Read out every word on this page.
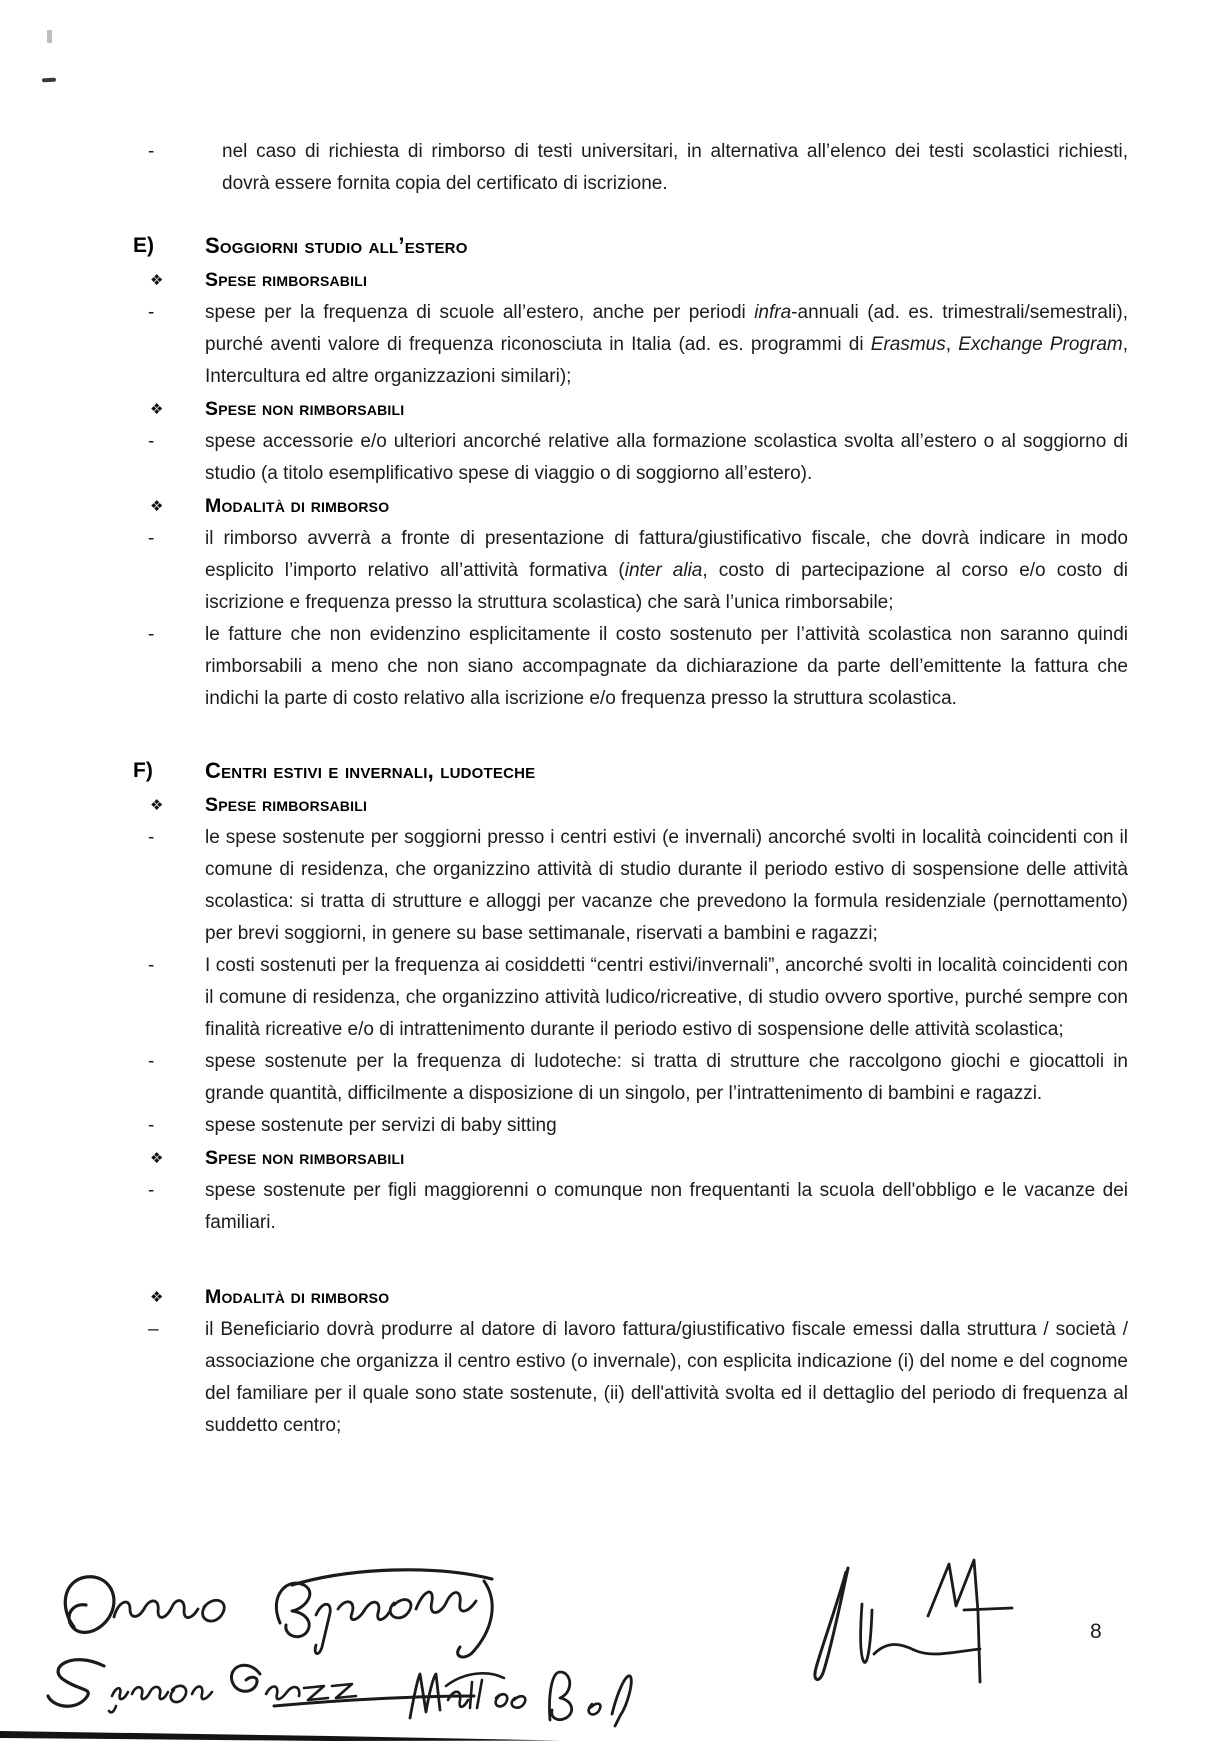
-	nel caso di richiesta di rimborso di testi universitari, in alternativa all’elenco dei testi scolastici richiesti, dovrà essere fornita copia del certificato di iscrizione.
E)	Soggiorni studio all’estero
❖	Spese rimborsabili
-	spese per la frequenza di scuole all’estero, anche per periodi infra-annuali (ad. es. trimestrali/semestrali), purché aventi valore di frequenza riconosciuta in Italia (ad. es. programmi di Erasmus, Exchange Program, Intercultura ed altre organizzazioni similari);
❖	Spese non rimborsabili
-	spese accessorie e/o ulteriori ancorché relative alla formazione scolastica svolta all’estero o al soggiorno di studio (a titolo esemplificativo spese di viaggio o di soggiorno all’estero).
❖	Modalità di rimborso
-	il rimborso avverrà a fronte di presentazione di fattura/giustificativo fiscale, che dovrà indicare in modo esplicito l’importo relativo all’attività formativa (inter alia, costo di partecipazione al corso e/o costo di iscrizione e frequenza presso la struttura scolastica) che sarà l’unica rimborsabile;
-	le fatture che non evidenzino esplicitamente il costo sostenuto per l’attività scolastica non saranno quindi rimborsabili a meno che non siano accompagnate da dichiarazione da parte dell’emittente la fattura che indichi la parte di costo relativo alla iscrizione e/o frequenza presso la struttura scolastica.
F)	Centri estivi e invernali, ludoteche
❖	Spese rimborsabili
-	le spese sostenute per soggiorni presso i centri estivi (e invernali) ancorché svolti in località coincidenti con il comune di residenza, che organizzino attività di studio durante il periodo estivo di sospensione delle attività scolastica: si tratta di strutture e alloggi per vacanze che prevedono la formula residenziale (pernottamento) per brevi soggiorni, in genere su base settimanale, riservati a bambini e ragazzi;
-	I costi sostenuti per la frequenza ai cosiddetti “centri estivi/invernali”, ancorché svolti in località coincidenti con il comune di residenza, che organizzino attività ludico/ricreative, di studio ovvero sportive, purché sempre con finalità ricreative e/o di intrattenimento durante il periodo estivo di sospensione delle attività scolastica;
-	spese sostenute per la frequenza di ludoteche: si tratta di strutture che raccolgono giochi e giocattoli in grande quantità, difficilmente a disposizione di un singolo, per l’intrattenimento di bambini e ragazzi.
-	spese sostenute per servizi di baby sitting
❖	Spese non rimborsabili
-	spese sostenute per figli maggiorenni o comunque non frequentanti la scuola dell'obbligo e le vacanze dei familiari.
❖	Modalità di rimborso
–	il Beneficiario dovrà produrre al datore di lavoro fattura/giustificativo fiscale emessi dalla struttura / società / associazione che organizza il centro estivo (o invernale), con esplicita indicazione (i) del nome e del cognome del familiare per il quale sono state sostenute, (ii) dell'attività svolta ed il dettaglio del periodo di frequenza al suddetto centro;
8
